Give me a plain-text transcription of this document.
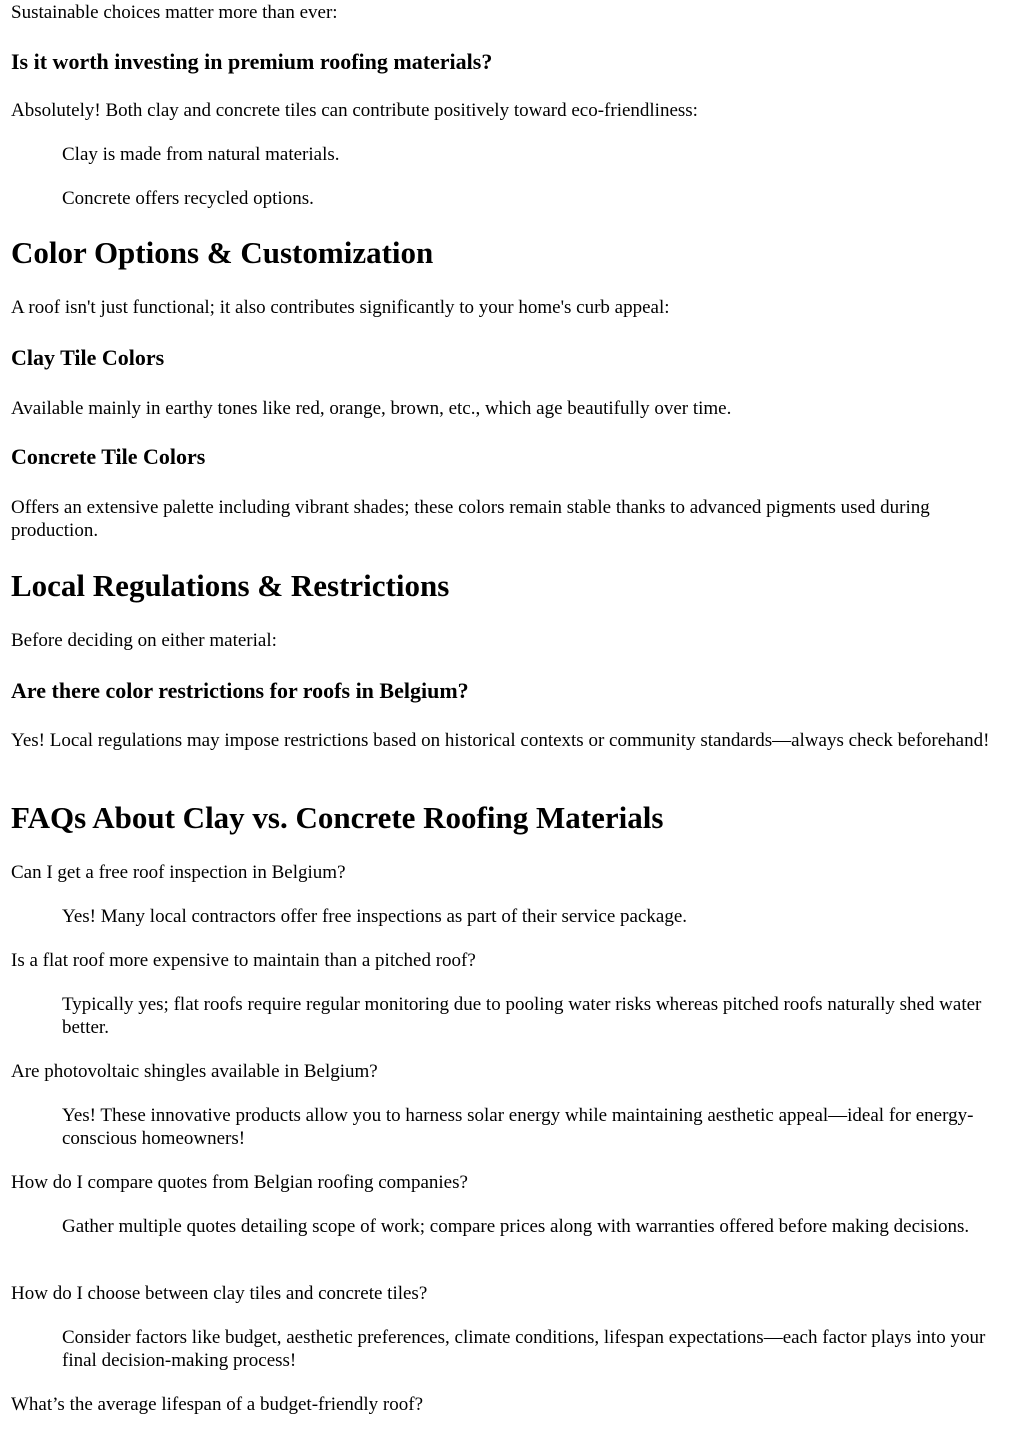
Sustainable choices matter more than ever:

Is it worth investing in premium roofing materials?

Absolutely! Both clay and concrete tiles can contribute positively toward eco-friendliness:

Clay is made from natural materials.

Concrete offers recycled options.

Color Options & Customization

A roof isn't just functional; it also contributes significantly to your home's curb appeal:

Clay Tile Colors

Available mainly in earthy tones like red, orange, brown, etc., which age beautifully over time.

Concrete Tile Colors

Offers an extensive palette including vibrant shades; these colors remain stable thanks to advanced pigments used during production.

Local Regulations & Restrictions

Before deciding on either material:

Are there color restrictions for roofs in Belgium?

Yes! Local regulations may impose restrictions based on historical contexts or community standards—always check beforehand!

FAQs About Clay vs. Concrete Roofing Materials

Can I get a free roof inspection in Belgium?

Yes! Many local contractors offer free inspections as part of their service package.

Is a flat roof more expensive to maintain than a pitched roof?

Typically yes; flat roofs require regular monitoring due to pooling water risks whereas pitched roofs naturally shed water better.

Are photovoltaic shingles available in Belgium?

Yes! These innovative products allow you to harness solar energy while maintaining aesthetic appeal—ideal for energy-conscious homeowners!

How do I compare quotes from Belgian roofing companies?

Gather multiple quotes detailing scope of work; compare prices along with warranties offered before making decisions.

How do I choose between clay tiles and concrete tiles?

Consider factors like budget, aesthetic preferences, climate conditions, lifespan expectations—each factor plays into your final decision-making process!

What’s the average lifespan of a budget-friendly roof?
